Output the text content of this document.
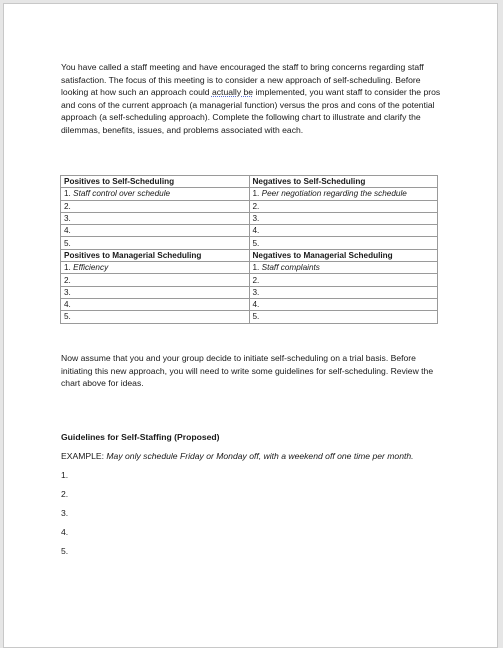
You have called a staff meeting and have encouraged the staff to bring concerns regarding staff satisfaction. The focus of this meeting is to consider a new approach of self-scheduling. Before looking at how such an approach could actually be implemented, you want staff to consider the pros and cons of the current approach (a managerial function) versus the pros and cons of the potential approach (a self-scheduling approach). Complete the following chart to illustrate and clarify the dilemmas, benefits, issues, and problems associated with each.

Positives to Self-Scheduling	Negatives to Self-Scheduling
1. Staff control over schedule	1. Peer negotiation regarding the schedule
2.	2.
3.	3.
4.	4.
5.	5.
Positives to Managerial Scheduling	Negatives to Managerial Scheduling
1. Efficiency	1. Staff complaints
2.	2.
3.	3.
4.	4.
5.	5.

Now assume that you and your group decide to initiate self-scheduling on a trial basis. Before initiating this new approach, you will need to write some guidelines for self-scheduling. Review the chart above for ideas.

Guidelines for Self-Staffing (Proposed)

EXAMPLE: May only schedule Friday or Monday off, with a weekend off one time per month.

1.

2.

3.

4.

5.
